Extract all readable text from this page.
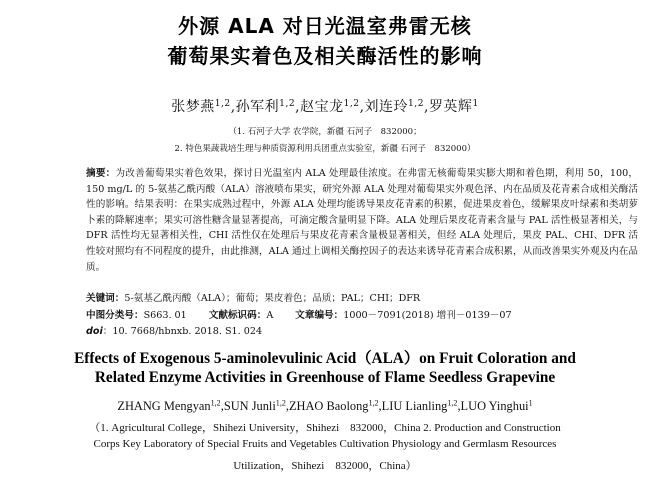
外源 ALA 对日光温室弗雷无核
葡萄果实着色及相关酶活性的影响
张梦燕$^{1,2}$,孙军利$^{1,2}$,赵宝龙$^{1,2}$,刘连玲$^{1,2}$,罗英辉$^1$
（1. 石河子大学 农学院，新疆 石河子　832000；
2. 特色果蔬栽培生理与种质资源利用兵团重点实验室，新疆 石河子　832000）
摘要：为改善葡萄果实着色效果，探讨日光温室内 ALA 处理最佳浓度。在弗雷无核葡萄果实膨大期和着色期，利用 50，100，150 mg/L 的 5-氨基乙酰丙酸（ALA）溶液喷布果实，研究外源 ALA 处理对葡萄果实外观色泽、内在品质及花青素合成相关酶活性的影响。结果表明：在果实成熟过程中，外源 ALA 处理均能诱导果皮花青素的积累，促进果皮着色，缓解果皮叶绿素和类胡萝卜素的降解速率；果实可溶性糖含量显著提高，可滴定酸含量明显下降。ALA 处理后果皮花青素含量与 PAL 活性极显著相关，与 DFR 活性均无显著相关性，CHI 活性仅在处理后与果皮花青素含量极显著相关，但经 ALA 处理后，果皮 PAL、CHI、DFR 活性较对照均有不同程度的提升，由此推测，ALA 通过上调相关酶控因子的表达来诱导花青素合成积累，从而改善果实外观及内在品质。
关键词：5-氨基乙酰丙酸（ALA）；葡萄；果皮着色；品质；PAL；CHI；DFR
中图分类号：S663. 01 文献标识码：A 文章编号：1000－7091(2018) 增刊－0139－07
doi：10. 7668/hbnxb. 2018. S1. 024
Effects of Exogenous 5-aminolevulinic Acid（ALA）on Fruit Coloration and
Related Enzyme Activities in Greenhouse of Flame Seedless Grapevine
ZHANG Mengyan$^{1,2}$,SUN Junli$^{1,2}$,ZHAO Baolong$^{1,2}$,LIU Lianling$^{1,2}$,LUO Yinghui$^1$
（1. Agricultural College，Shihezi University，Shihezi　832000，China 2. Production and Construction
Corps Key Laboratory of Special Fruits and Vegetables Cultivation Physiology and Germlasm Resources
Utilization，Shihezi　832000，China）
